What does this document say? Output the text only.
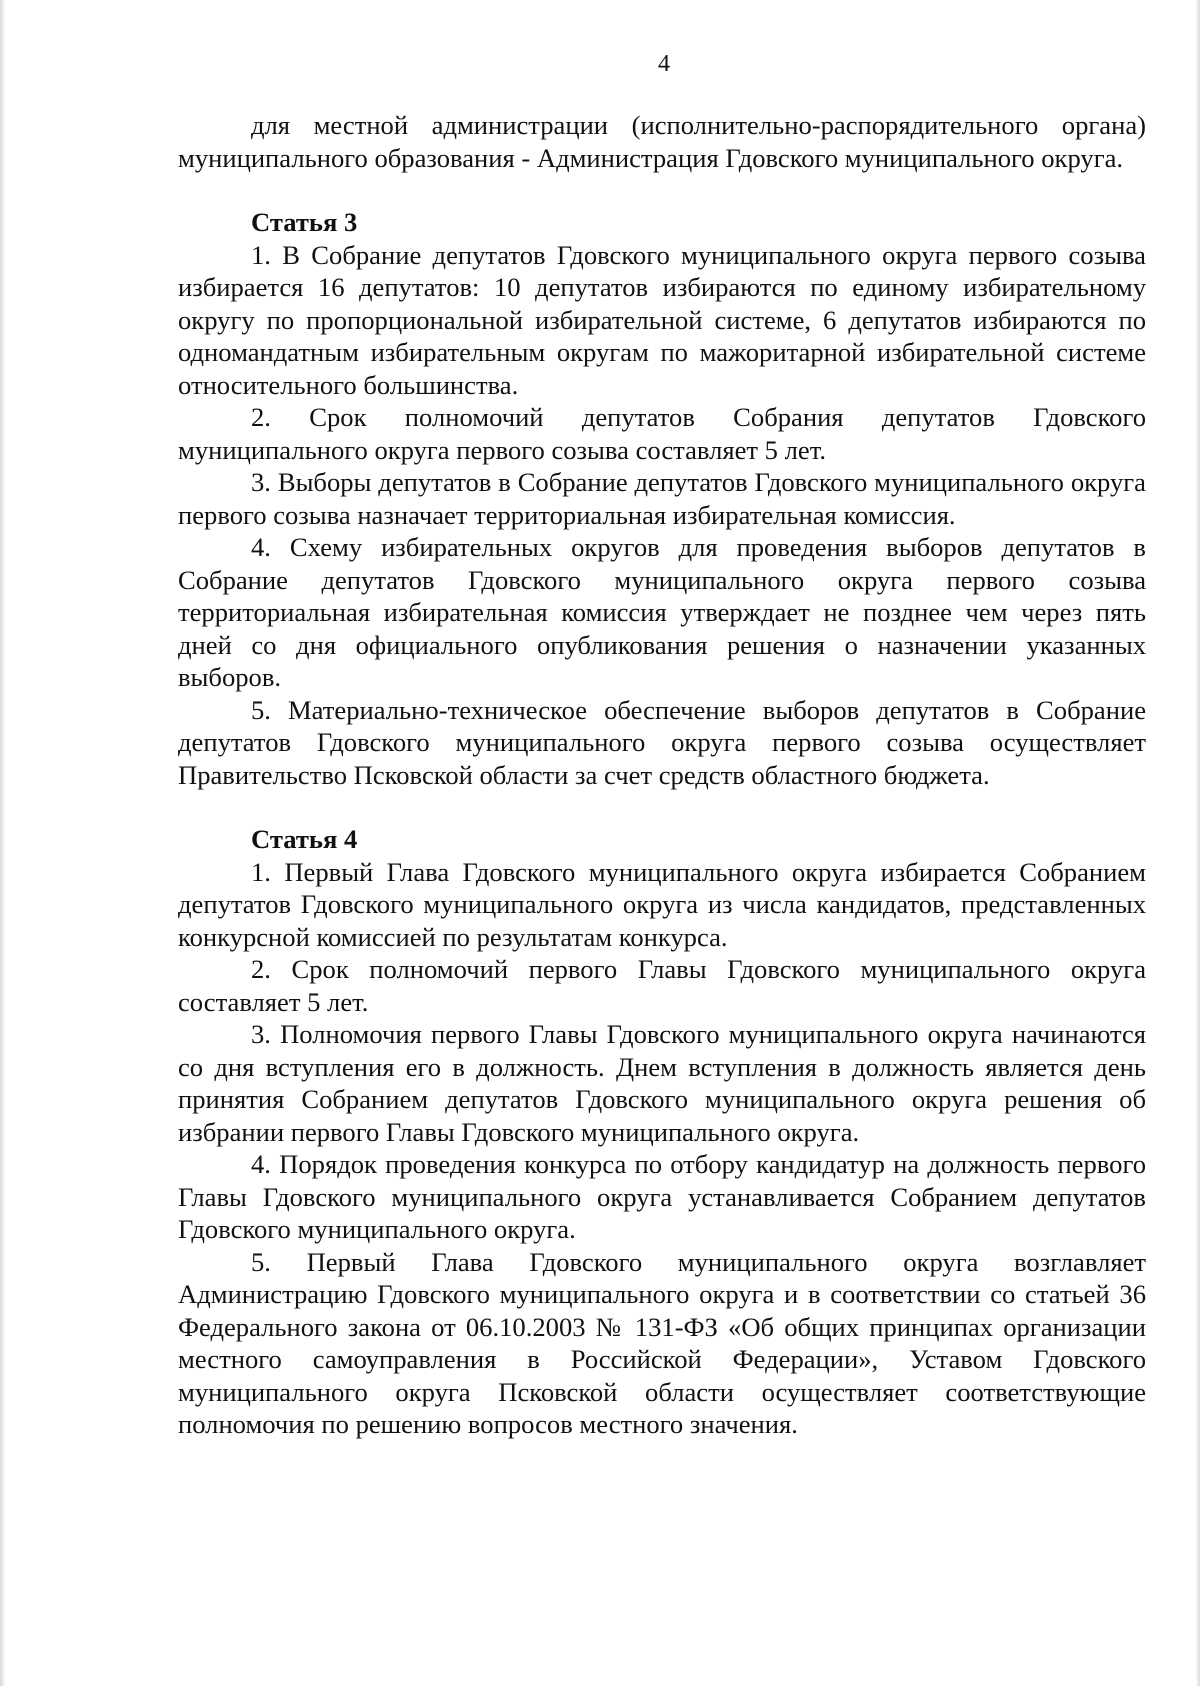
4

для местной администрации (исполнительно-распорядительного органа) муниципального образования - Администрация Гдовского муниципального округа.

Статья 3

1. В Собрание депутатов Гдовского муниципального округа первого созыва избирается 16 депутатов: 10 депутатов избираются по единому избирательному округу по пропорциональной избирательной системе, 6 депутатов избираются по одномандатным избирательным округам по мажоритарной избирательной системе относительного большинства.

2. Срок полномочий депутатов Собрания депутатов Гдовского муниципального округа первого созыва составляет 5 лет.

3. Выборы депутатов в Собрание депутатов Гдовского муниципального округа первого созыва назначает территориальная избирательная комиссия.

4. Схему избирательных округов для проведения выборов депутатов в Собрание депутатов Гдовского муниципального округа первого созыва территориальная избирательная комиссия утверждает не позднее чем через пять дней со дня официального опубликования решения о назначении указанных выборов.

5. Материально-техническое обеспечение выборов депутатов в Собрание депутатов Гдовского муниципального округа первого созыва осуществляет Правительство Псковской области за счет средств областного бюджета.

Статья 4

1. Первый Глава Гдовского муниципального округа избирается Собранием депутатов Гдовского муниципального округа из числа кандидатов, представленных конкурсной комиссией по результатам конкурса.

2. Срок полномочий первого Главы Гдовского муниципального округа составляет 5 лет.

3. Полномочия первого Главы Гдовского муниципального округа начинаются со дня вступления его в должность. Днем вступления в должность является день принятия Собранием депутатов Гдовского муниципального округа решения об избрании первого Главы Гдовского муниципального округа.

4. Порядок проведения конкурса по отбору кандидатур на должность первого Главы Гдовского муниципального округа устанавливается Собранием депутатов Гдовского муниципального округа.

5. Первый Глава Гдовского муниципального округа возглавляет Администрацию Гдовского муниципального округа и в соответствии со статьей 36 Федерального закона от 06.10.2003 № 131-ФЗ «Об общих принципах организации местного самоуправления в Российской Федерации», Уставом Гдовского муниципального округа Псковской области осуществляет соответствующие полномочия по решению вопросов местного значения.
